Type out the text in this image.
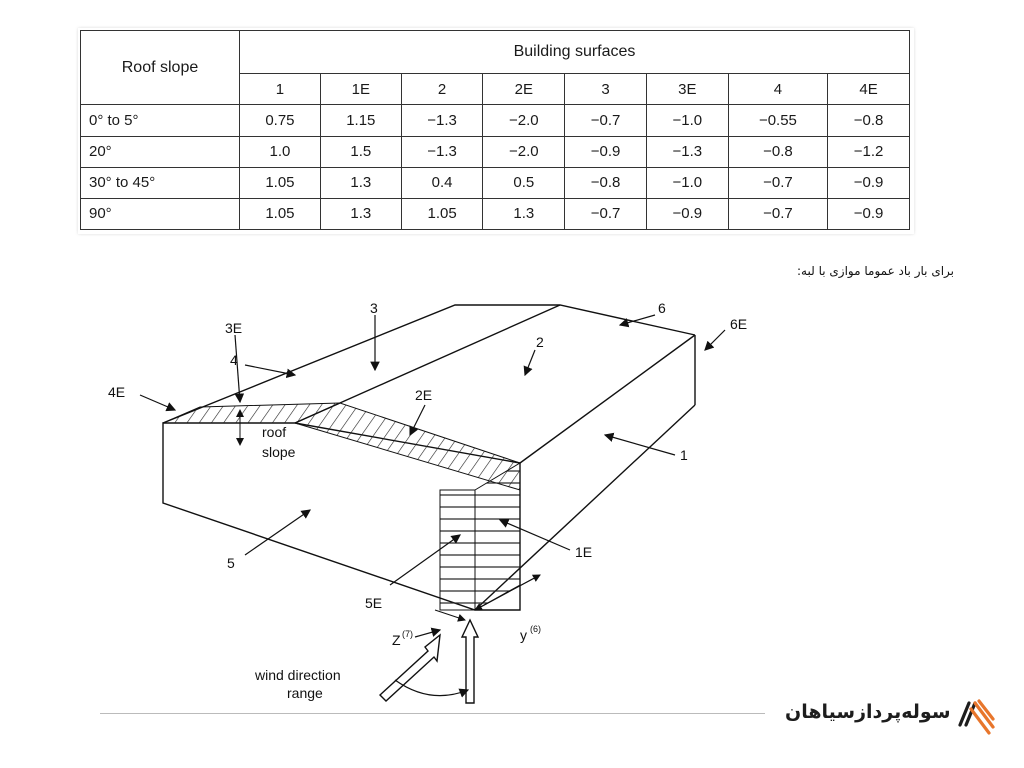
Roof slope	Building surfaces							
	1	1E	2	2E	3	3E	4	4E
0° to 5°	0.75	1.15	−1.3	−2.0	−0.7	−1.0	−0.55	−0.8
20°	1.0	1.5	−1.3	−2.0	−0.9	−1.3	−0.8	−1.2
30° to 45°	1.05	1.3	0.4	0.5	−0.8	−1.0	−0.7	−0.9
90°	1.05	1.3	1.05	1.3	−0.7	−0.9	−0.7	−0.9
برای بار باد عموما موازی با لبه:
3E
3
4
4E
6
6E
2
2E
1
1E
5
5E
roof
slope
y (6)
Z (7)
wind direction
range
سوله‌پردازسیاهان
